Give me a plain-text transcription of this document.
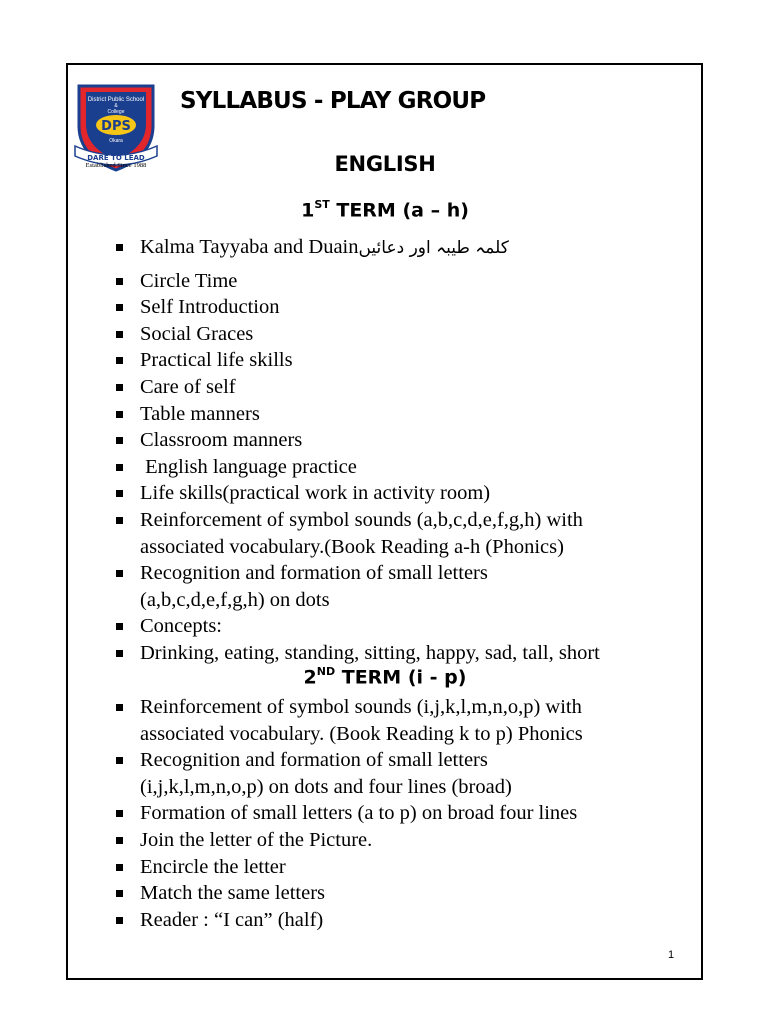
District Public School
&
College
DPS
Okara
DARE TO LEAD
Established Since 1988
SYLLABUS - PLAY GROUP
ENGLISH
1ST TERM (a – h)
Kalma Tayyaba and Duainکلمہ طیبہ اور دعائیں
Circle Time
Self Introduction
Social Graces
Practical life skills
Care of self
Table manners
Classroom manners
English language practice
Life skills(practical work in activity room)
Reinforcement of symbol sounds (a,b,c,d,e,f,g,h) with
associated vocabulary.(Book Reading a-h (Phonics)
Recognition and formation of small letters
(a,b,c,d,e,f,g,h) on dots
Concepts:
Drinking, eating, standing, sitting, happy, sad, tall, short
2ND TERM (i - p)
Reinforcement of symbol sounds (i,j,k,l,m,n,o,p) with
associated vocabulary. (Book Reading k to p) Phonics
Recognition and formation of small letters
(i,j,k,l,m,n,o,p) on dots and four lines (broad)
Formation of small letters (a to p) on broad four lines
Join the letter of the Picture.
Encircle the letter
Match the same letters
Reader : “I can” (half)
1
